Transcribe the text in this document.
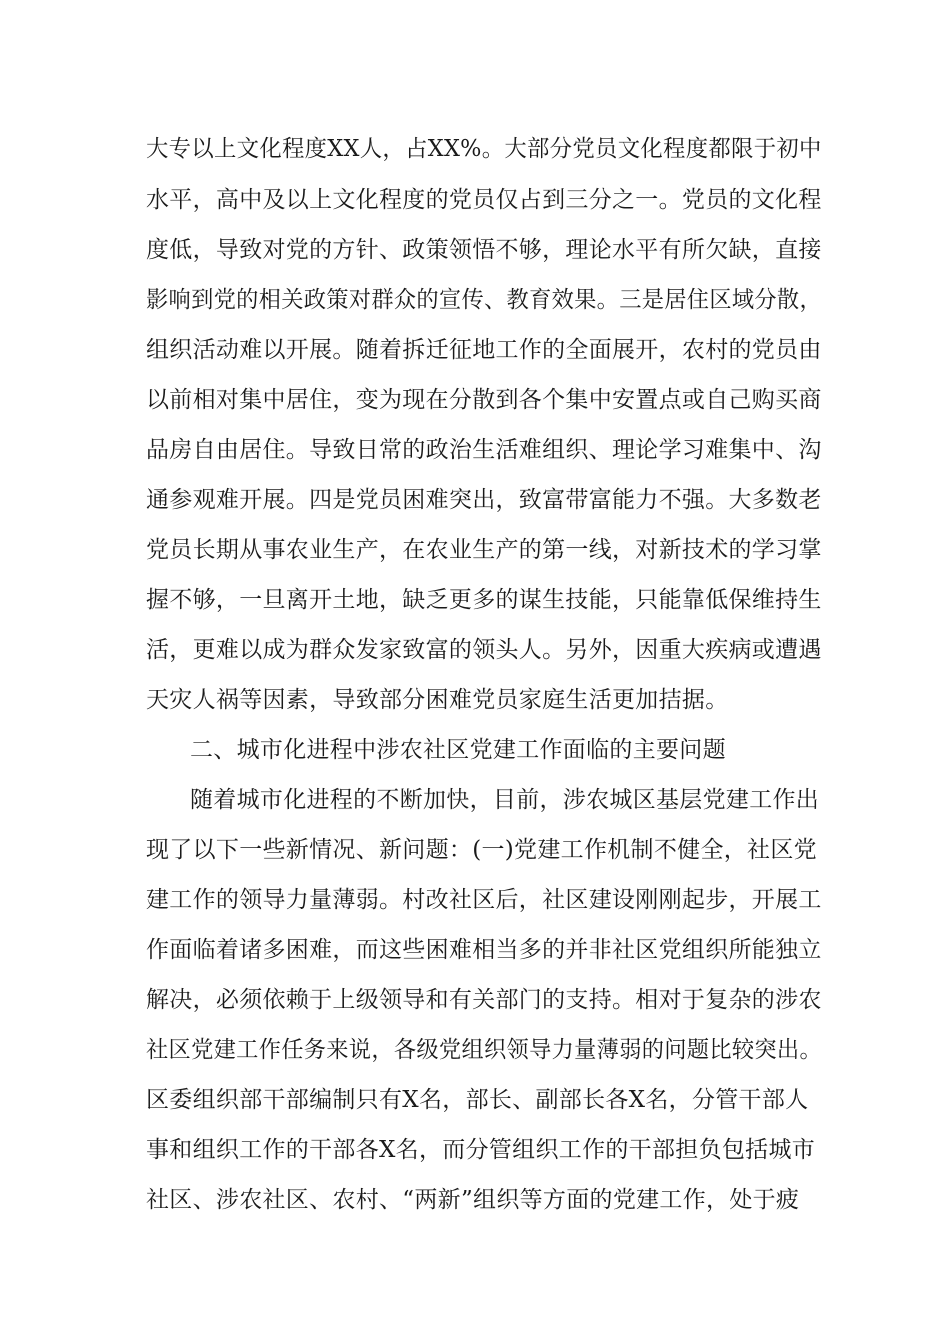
大专以上文化程度XX人，占XX%。大部分党员文化程度都限于初中
水平，高中及以上文化程度的党员仅占到三分之一。党员的文化程
度低，导致对党的方针、政策领悟不够，理论水平有所欠缺，直接
影响到党的相关政策对群众的宣传、教育效果。三是居住区域分散，
组织活动难以开展。随着拆迁征地工作的全面展开，农村的党员由
以前相对集中居住，变为现在分散到各个集中安置点或自己购买商
品房自由居住。导致日常的政治生活难组织、理论学习难集中、沟
通参观难开展。四是党员困难突出，致富带富能力不强。大多数老
党员长期从事农业生产，在农业生产的第一线，对新技术的学习掌
握不够，一旦离开土地，缺乏更多的谋生技能，只能靠低保维持生
活，更难以成为群众发家致富的领头人。另外，因重大疾病或遭遇
天灾人祸等因素，导致部分困难党员家庭生活更加拮据。
二、城市化进程中涉农社区党建工作面临的主要问题
随着城市化进程的不断加快，目前，涉农城区基层党建工作出
现了以下一些新情况、新问题：(一)党建工作机制不健全，社区党
建工作的领导力量薄弱。村改社区后，社区建设刚刚起步，开展工
作面临着诸多困难，而这些困难相当多的并非社区党组织所能独立
解决，必须依赖于上级领导和有关部门的支持。相对于复杂的涉农
社区党建工作任务来说，各级党组织领导力量薄弱的问题比较突出。
区委组织部干部编制只有X名，部长、副部长各X名，分管干部人
事和组织工作的干部各X名，而分管组织工作的干部担负包括城市
社区、涉农社区、农村、“两新”组织等方面的党建工作，处于疲
